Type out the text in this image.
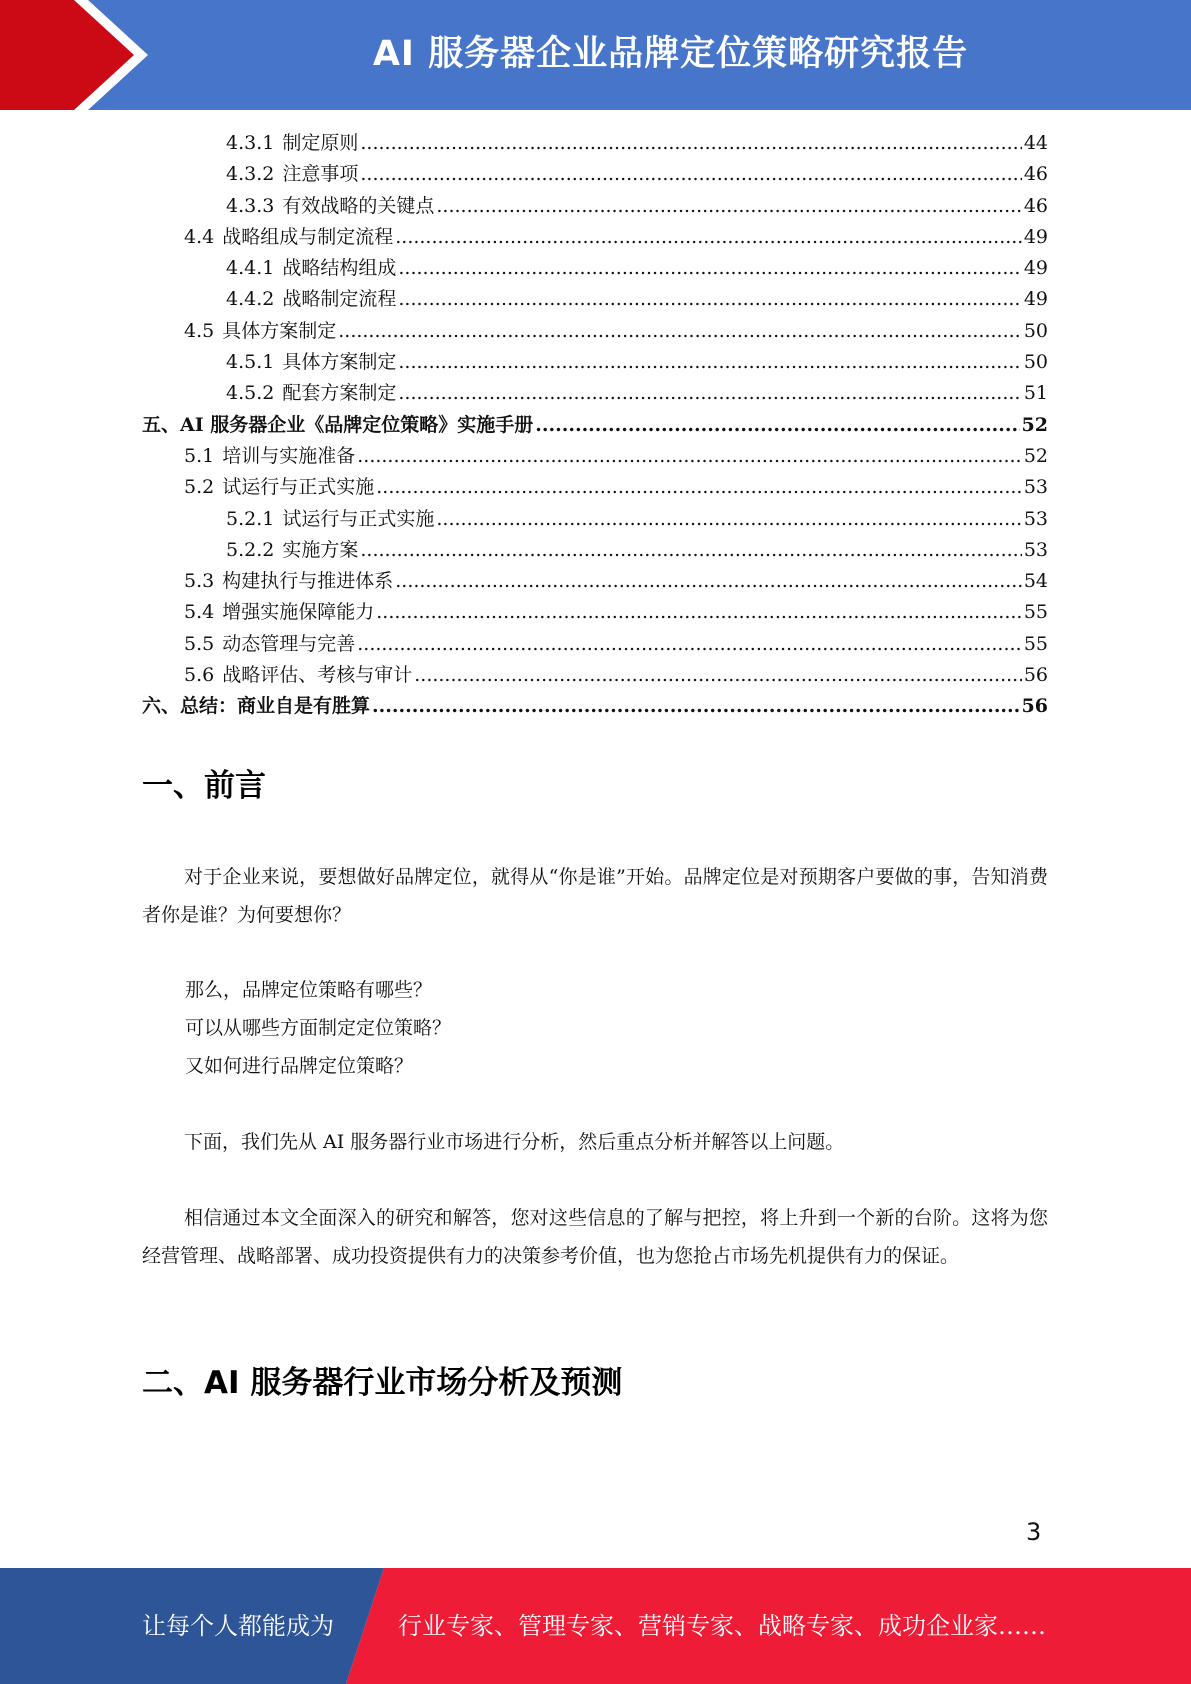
AI 服务器企业品牌定位策略研究报告
4.3.1 制定原则 .....	44
4.3.2 注意事项 .....	46
4.3.3 有效战略的关键点 .....	46
4.4 战略组成与制定流程 .....	49
4.4.1 战略结构组成 .....	49
4.4.2 战略制定流程 .....	49
4.5 具体方案制定 .....	50
4.5.1 具体方案制定 .....	50
4.5.2 配套方案制定 .....	51
五、 AI 服务器企业《品牌定位策略》实施手册 .....	52
5.1 培训与实施准备 .....	52
5.2 试运行与正式实施 .....	53
5.2.1 试运行与正式实施 .....	53
5.2.2 实施方案 .....	53
5.3 构建执行与推进体系 .....	54
5.4 增强实施保障能力 .....	55
5.5 动态管理与完善 .....	55
5.6 战略评估、考核与审计 .....	56
六、 总结：商业自是有胜算 .....	56
一、前言
对于企业来说，要想做好品牌定位，就得从“你是谁”开始。品牌定位是对预期客户要做的事，告知消费者你是谁？为何要想你？
那么，品牌定位策略有哪些？
可以从哪些方面制定定位策略？
又如何进行品牌定位策略？
下面，我们先从 AI 服务器行业市场进行分析，然后重点分析并解答以上问题。
相信通过本文全面深入的研究和解答，您对这些信息的了解与把控，将上升到一个新的台阶。这将为您经营管理、战略部署、成功投资提供有力的决策参考价值，也为您抢占市场先机提供有力的保证。
二、AI 服务器行业市场分析及预测
3
让每个人都能成为	行业专家、管理专家、营销专家、战略专家、成功企业家……
